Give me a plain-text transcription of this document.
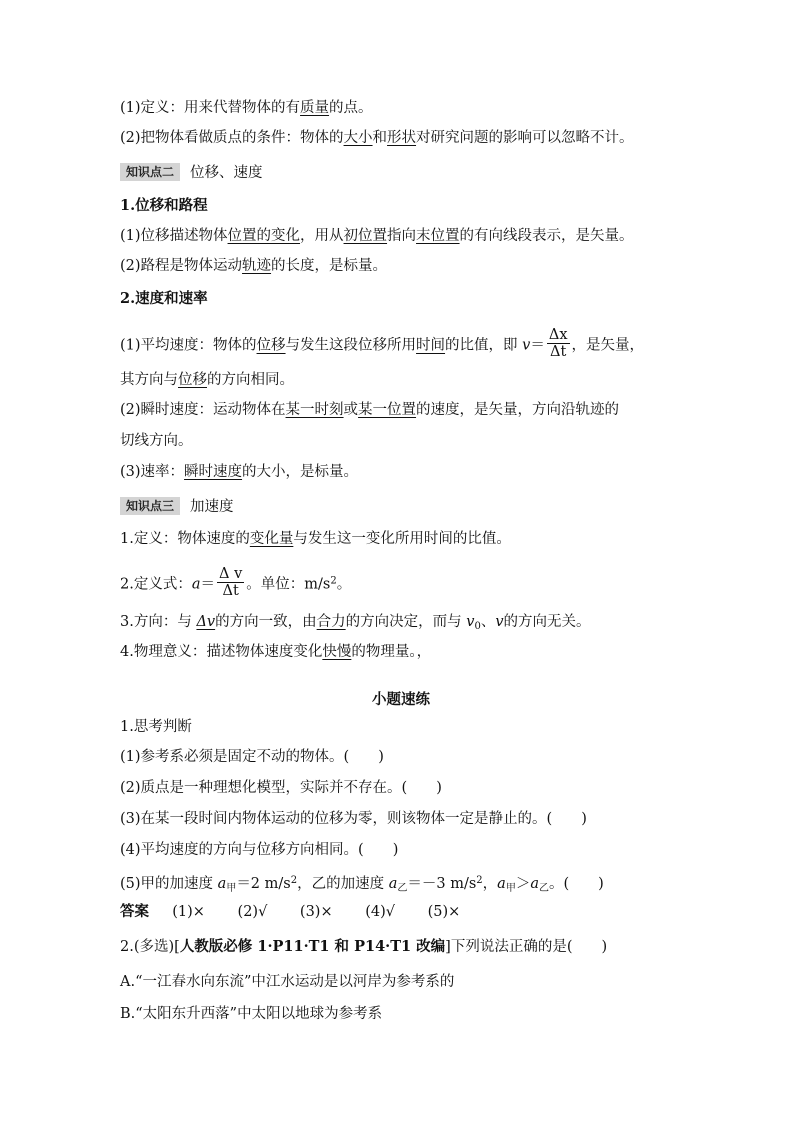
(1)定义：用来代替物体的有质量的点。
(2)把物体看做质点的条件：物体的大小和形状对研究问题的影响可以忽略不计。
知识点二 位移、速度
1.位移和路程
(1)位移描述物体位置的变化，用从初位置指向末位置的有向线段表示，是矢量。
(2)路程是物体运动轨迹的长度，是标量。
2.速度和速率
(1)平均速度：物体的位移与发生这段位移所用时间的比值，即 $v= \frac{\Delta x}{\Delta t}$ ，是矢量，
其方向与位移的方向相同。
(2)瞬时速度：运动物体在某一时刻或某一位置的速度，是矢量，方向沿轨迹的
切线方向。
(3)速率：瞬时速度的大小，是标量。
知识点三 加速度
1.定义：物体速度的变化量与发生这一变化所用时间的比值。
2.定义式：$a= \frac{\text{Δ v}}{\Delta t}$ 。单位：$m/s^2$。
3.方向：与 Δv的方向一致，由合力的方向决定，而与 $v_0$、v的方向无关。
4.物理意义：描述物体速度变化快慢的物理量。，
小题速练
1.思考判断
(1)参考系必须是固定不动的物体。(　　)
(2)质点是一种理想化模型，实际并不存在。(　　)
(3)在某一段时间内物体运动的位移为零，则该物体一定是静止的。(　　)
(4)平均速度的方向与位移方向相同。(　　)
(5)甲的加速度 $a_甲=2$ $m/s^2$，乙的加速度 $a_乙=-3$ $m/s^2$，$a_甲>a_乙$。(　　)
答案 (1)× (2)√ (3)× (4)√ (5)×
2.(多选)[人教版必修 1·P11·T1 和 P14·T1 改编]下列说法正确的是(　　)
A.“一江春水向东流”中江水运动是以河岸为参考系的
B.“太阳东升西落”中太阳以地球为参考系
